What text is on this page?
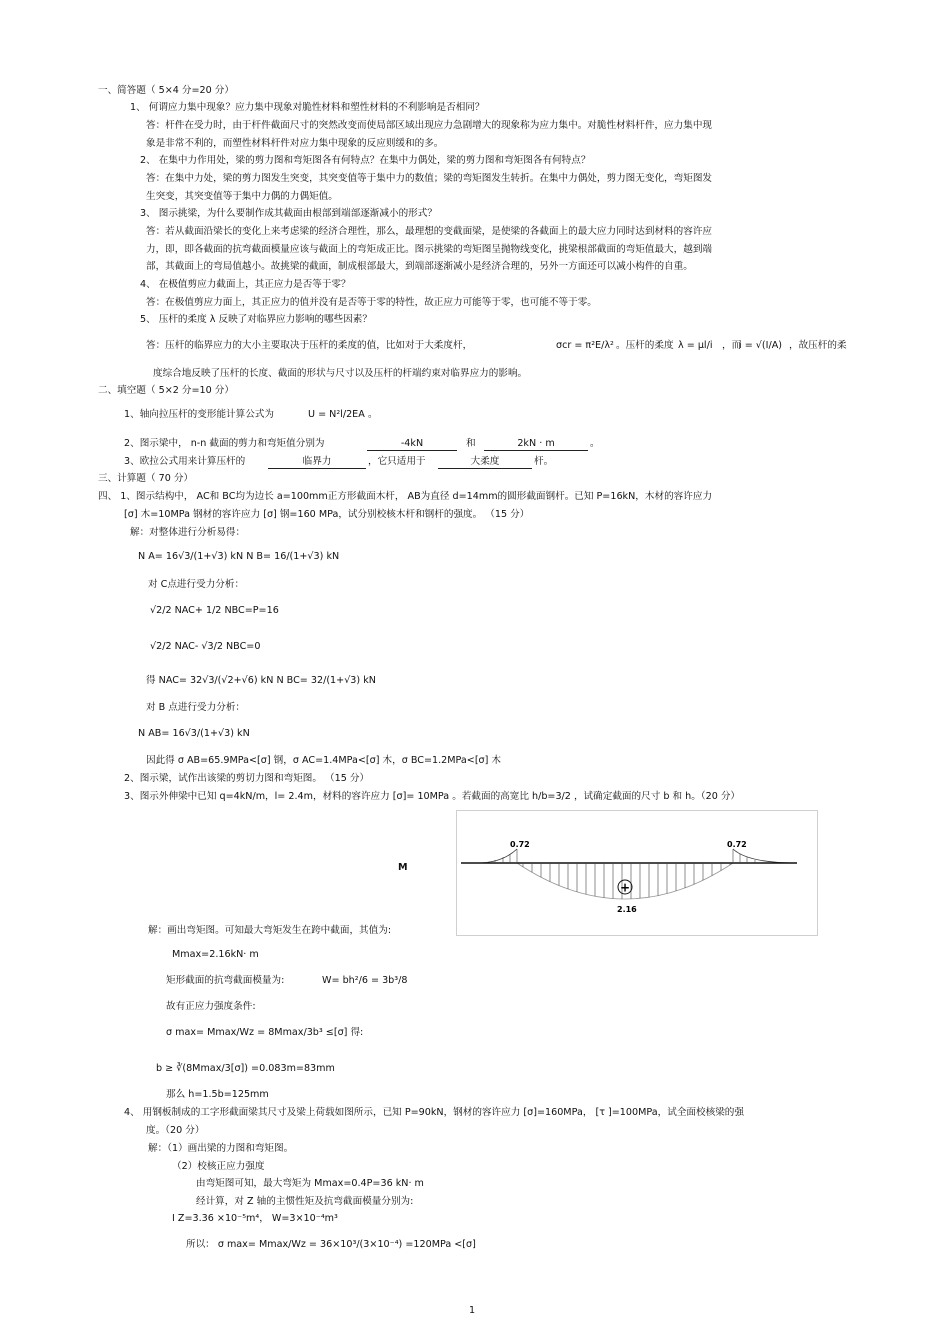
一、简答题（ 5×4 分=20 分）
1、 何谓应力集中现象？应力集中现象对脆性材料和塑性材料的不利影响是否相同？
答：杆件在受力时，由于杆件截面尺寸的突然改变而使局部区域出现应力急剧增大的现象称为应力集中。对脆性材料杆件，应力集中现
象是非常不利的，而塑性材料杆件对应力集中现象的反应则缓和的多。
2、 在集中力作用处，梁的剪力图和弯矩图各有何特点？在集中力偶处，梁的剪力图和弯矩图各有何特点？
答：在集中力处，梁的剪力图发生突变，其突变值等于集中力的数值；梁的弯矩图发生转折。在集中力偶处，剪力图无变化，弯矩图发
生突变，其突变值等于集中力偶的力偶矩值。
3、 图示挑梁，为什么要制作成其截面由根部到端部逐渐减小的形式？
答：若从截面沿梁长的变化上来考虑梁的经济合理性，那么，最理想的变截面梁，是使梁的各截面上的最大应力同时达到材料的容许应
力，即，即各截面的抗弯截面模量应该与截面上的弯矩成正比。图示挑梁的弯矩图呈抛物线变化，挑梁根部截面的弯矩值最大，越到端
部，其截面上的弯局值越小。故挑梁的截面，制成根部最大，到端部逐渐减小是经济合理的，另外一方面还可以减小构件的自重。
4、 在极值剪应力截面上，其正应力是否等于零？
答：在极值剪应力面上，其正应力的值并没有是否等于零的特性，故正应力可能等于零，也可能不等于零。
5、 压杆的柔度 λ 反映了对临界应力影响的哪些因素？
答：压杆的临界应力的大小主要取决于压杆的柔度的值，比如对于大柔度杆，	σcr = π²E/λ² 。压杆的柔度 λ = μl/i ，而
i = √(I/A) ，故压杆的柔
度综合地反映了压杆的长度、截面的形状与尺寸以及压杆的杆端约束对临界应力的影响。
二、填空题（ 5×2 分=10 分）
1、轴向拉压杆的变形能计算公式为	U = N²l/2EA 。
2、图示梁中， n-n 截面的剪力和弯矩值分别为	-4kN	和	2kN · m	。
3、欧拉公式用来计算压杆的	临界力	，它只适用于	大柔度	杆。
三、计算题（ 70 分）
四、 1、图示结构中， AC和 BC均为边长 a=100mm正方形截面木杆， AB为直径 d=14mm的圆形截面钢杆。已知 P=16kN，木材的容许应力
[σ] 木=10MPa 钢材的容许应力 [σ] 钢=160 MPa，试分别校核木杆和钢杆的强度。 （15 分）
解：对整体进行分析易得：
N A= 16√3/(1+√3) kN N B= 16/(1+√3) kN
对 C点进行受力分析：
√2/2 NAC+ 1/2 NBC=P=16
√2/2 NAC- √3/2 NBC=0
得 NAC= 32√3/(√2+√6) kN N BC= 32/(1+√3) kN
对 B 点进行受力分析：
N AB= 16√3/(1+√3) kN
因此得 σ AB=65.9MPa<[σ] 钢，σ AC=1.4MPa<[σ] 木，σ BC=1.2MPa<[σ] 木
2、图示梁，试作出该梁的剪切力图和弯矩图。 （15 分）
3、图示外伸梁中已知 q=4kN/m，l= 2.4m，材料的容许应力 [σ]= 10MPa 。若截面的高宽比 h/b=3/2 ，试确定截面的尺寸 b 和 h。（20 分）
M
+
0.72	0.72
2.16
解：画出弯矩图。可知最大弯矩发生在跨中截面，其值为:
Mmax=2.16kN· m
矩形截面的抗弯截面模量为:	W= bh²/6 = 3b³/8
故有正应力强度条件:
σ max= Mmax/Wz = 8Mmax/3b³ ≤[σ] 得:
b ≥ ∛(8Mmax/3[σ]) =0.083m=83mm
那么 h=1.5b=125mm
4、 用钢板制成的工字形截面梁其尺寸及梁上荷载如图所示，已知 P=90kN，钢材的容许应力 [σ]=160MPa， [τ ]=100MPa，试全面校核梁的强
度。（20 分）
解：（1）画出梁的力图和弯矩图。
（2）校核正应力强度
由弯矩图可知，最大弯矩为 Mmax=0.4P=36 kN· m
经计算，对 Z 轴的主惯性矩及抗弯截面模量分别为:
I Z=3.36 ×10⁻⁵m⁴， W=3×10⁻⁴m³
所以： σ max= Mmax/Wz = 36×10³/(3×10⁻⁴) =120MPa <[σ]
1
